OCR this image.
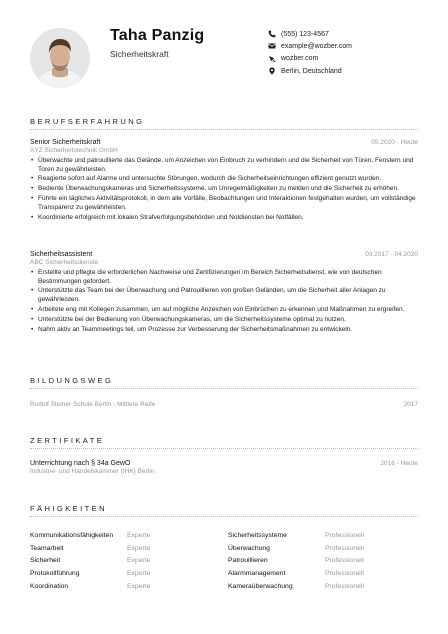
Taha Panzig
Sicherheitskraft
(555) 123-4567
example@wozber.com
wozber.com
Berlin, Deutschland
BERUFSERFAHRUNG
Senior Sicherheitskraft	05.2020 - Heute
XYZ Sicherheitstechnik GmbH
• Überwachte und patrouillierte das Gelände, um Anzeichen von Einbruch zu verhindern und die Sicherheit von Türen, Fenstern und Toren zu gewährleisten.
• Reagierte sofort auf Alarme und untersuchte Störungen, wodurch die Sicherheitseinrichtungen effizient genutzt wurden.
• Bediente Überwachungskameras und Sicherheitssysteme, um Unregelmäßigkeiten zu melden und die Sicherheit zu erhöhen.
• Führte ein tägliches Aktivitätsprotokoll, in dem alle Vorfälle, Beobachtungen und Interaktionen festgehalten wurden, um vollständige Transparenz zu gewährleisten.
• Koordinierte erfolgreich mit lokalen Strafverfolgungsbehörden und Notdiensten bei Notfällen.
Sicherheitsassistent	03.2017 - 04.2020
ABC Sicherheitsdienste
• Erstellte und pflegte die erforderlichen Nachweise und Zertifizierungen im Bereich Sicherheitsdienst, wie von deutschen Bestimmungen gefordert.
• Unterstützte das Team bei der Überwachung und Patrouillieren von großen Geländen, um die Sicherheit aller Anlagen zu gewährleisten.
• Arbeitete eng mit Kollegen zusammen, um auf mögliche Anzeichen von Einbrüchen zu erkennen und Maßnahmen zu ergreifen.
• Unterstützte bei der Bedienung von Überwachungskameras, um die Sicherheitssysteme optimal zu nutzen.
• Nahm aktiv an Teammeetings teil, um Prozesse zur Verbesserung der Sicherheitsmaßnahmen zu entwickeln.
BILDUNGSWEG
Rudolf Steiner Schule Berlin - Mittlere Reife	2017
ZERTIFIKATE
Unterrichtung nach § 34a GewO	2016 - Heute
Industrie- und Handelskammer (IHK) Berlin
FÄHIGKEITEN
Kommunikationsfähigkeiten Experte
Teamarbeit	Experte
Sicherheit	Experte
Protokollführung	Experte
Koordination	Experte
Sicherheitssysteme	Professionell
Überwachung	Professionell
Patrouillieren	Professionell
Alarmmanagement	Professionell
Kameraüberwachung	Professionell
